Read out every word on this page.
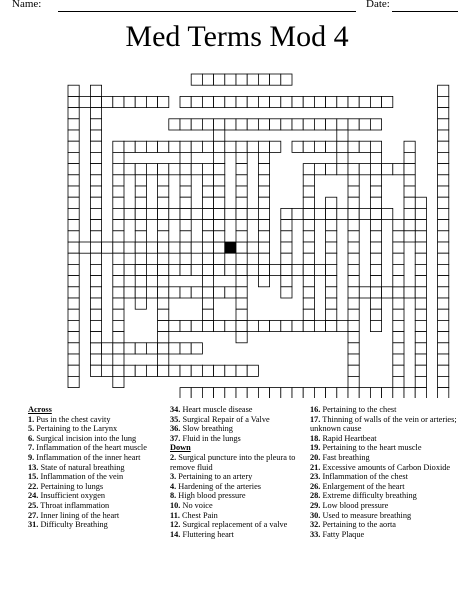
Name:	Date:
Med Terms Mod 4
Across
1. Pus in the chest cavity
5. Pertaining to the Larynx
6. Surgical incision into the lung
7. Inflammation of the heart muscle
9. Inflammation of the inner heart
13. State of natural breathing
15. Inflammation of the vein
22. Pertaining to lungs
24. Insufficient oxygen
25. Throat inflammation
27. Inner lining of the heart
31. Difficulty Breathing
34. Heart muscle disease
35. Surgical Repair of a Valve
36. Slow breathing
37. Fluid in the lungs
Down
2. Surgical puncture into the pleura to remove fluid
3. Pertaining to an artery
4. Hardening of the arteries
8. High blood pressure
10. No voice
11. Chest Pain
12. Surgical replacement of a valve
14. Fluttering heart
16. Pertaining to the chest
17. Thinning of walls of the vein or arteries; unknown cause
18. Rapid Heartbeat
19. Pertaining to the heart muscle
20. Fast breathing
21. Excessive amounts of Carbon Dioxide
23. Inflammation of the chest
26. Enlargement of the heart
28. Extreme difficulty breathing
29. Low blood pressure
30. Used to measure breathing
32. Pertaining to the aorta
33. Fatty Plaque
